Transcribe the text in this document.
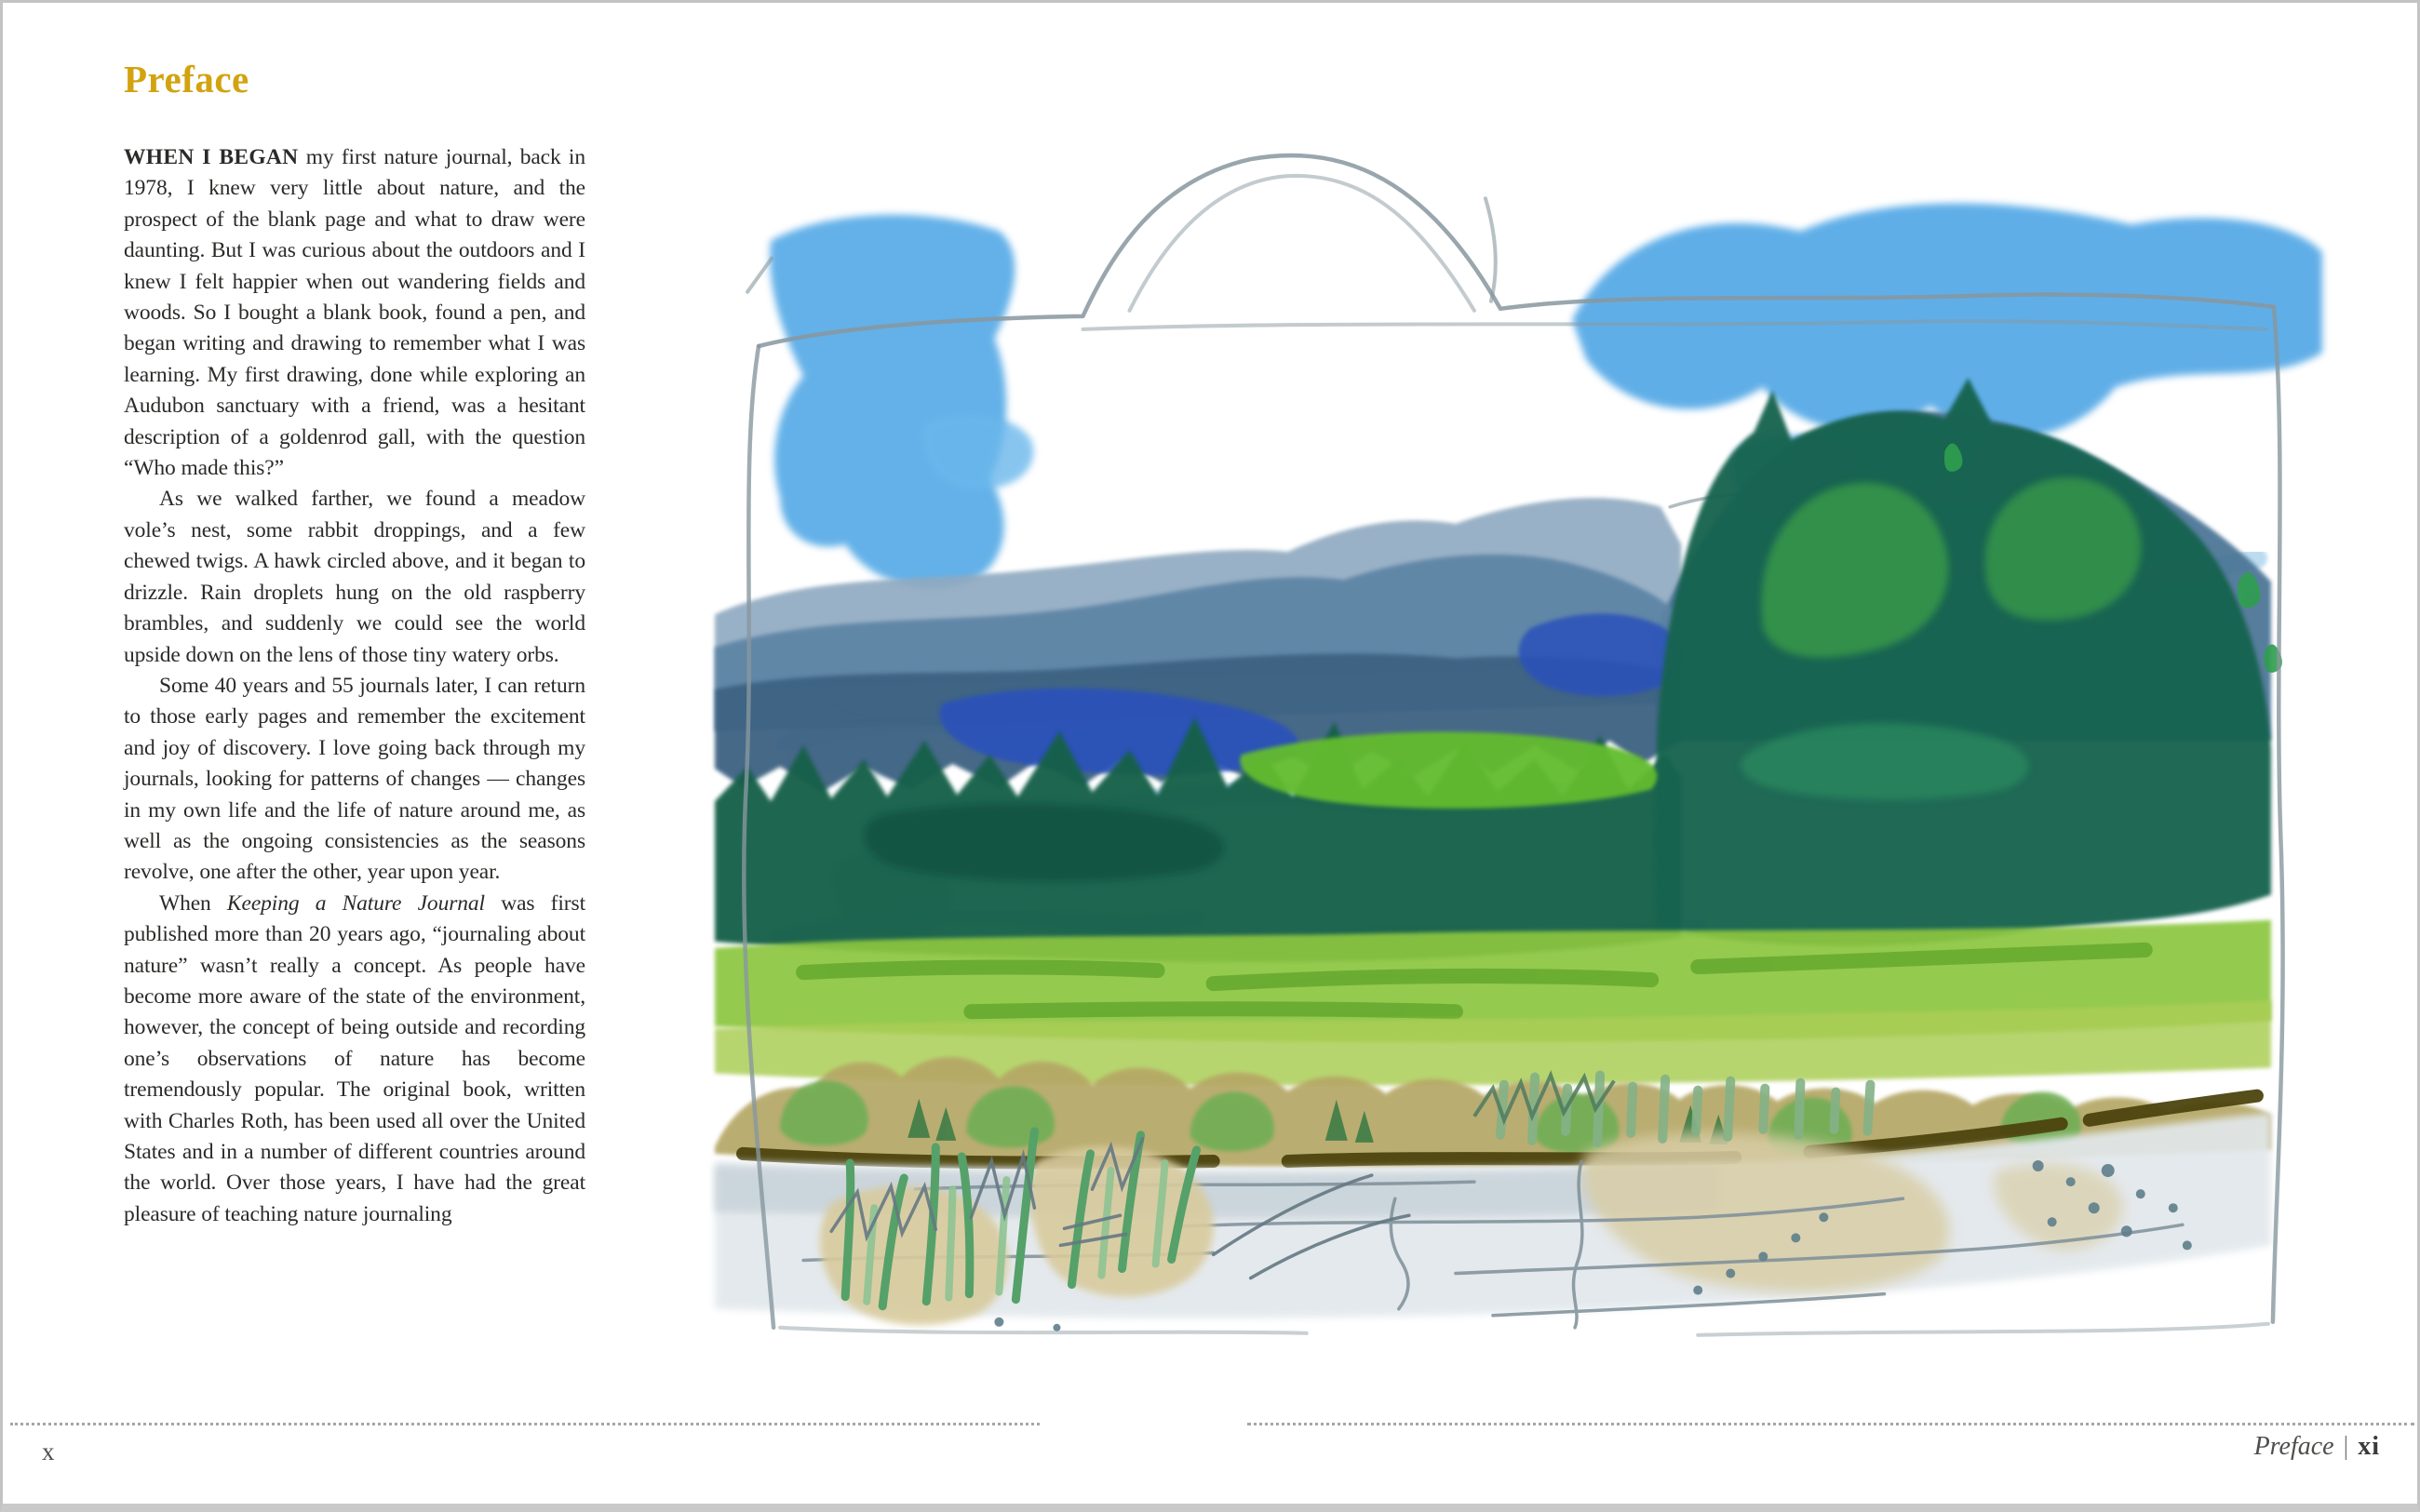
Preface

WHEN I BEGAN my first nature journal, back in 1978, I knew very little about nature, and the prospect of the blank page and what to draw were daunting. But I was curious about the outdoors and I knew I felt happier when out wandering fields and woods. So I bought a blank book, found a pen, and began writing and drawing to remember what I was learning. My first drawing, done while exploring an Audubon sanctuary with a friend, was a hesitant description of a goldenrod gall, with the question “Who made this?”

As we walked farther, we found a meadow vole’s nest, some rabbit droppings, and a few chewed twigs. A hawk circled above, and it began to drizzle. Rain droplets hung on the old raspberry brambles, and suddenly we could see the world upside down on the lens of those tiny watery orbs.

Some 40 years and 55 journals later, I can return to those early pages and remember the excitement and joy of discovery. I love going back through my journals, looking for patterns of changes — changes in my own life and the life of nature around me, as well as the ongoing consistencies as the seasons revolve, one after the other, year upon year.

When Keeping a Nature Journal was first published more than 20 years ago, “journaling about nature” wasn’t really a concept. As people have become more aware of the state of the environment, however, the concept of being outside and recording one’s observations of nature has become tremendously popular. The original book, written with Charles Roth, has been used all over the United States and in a number of different countries around the world. Over those years, I have had the great pleasure of teaching nature journaling

x	Preface | xi
